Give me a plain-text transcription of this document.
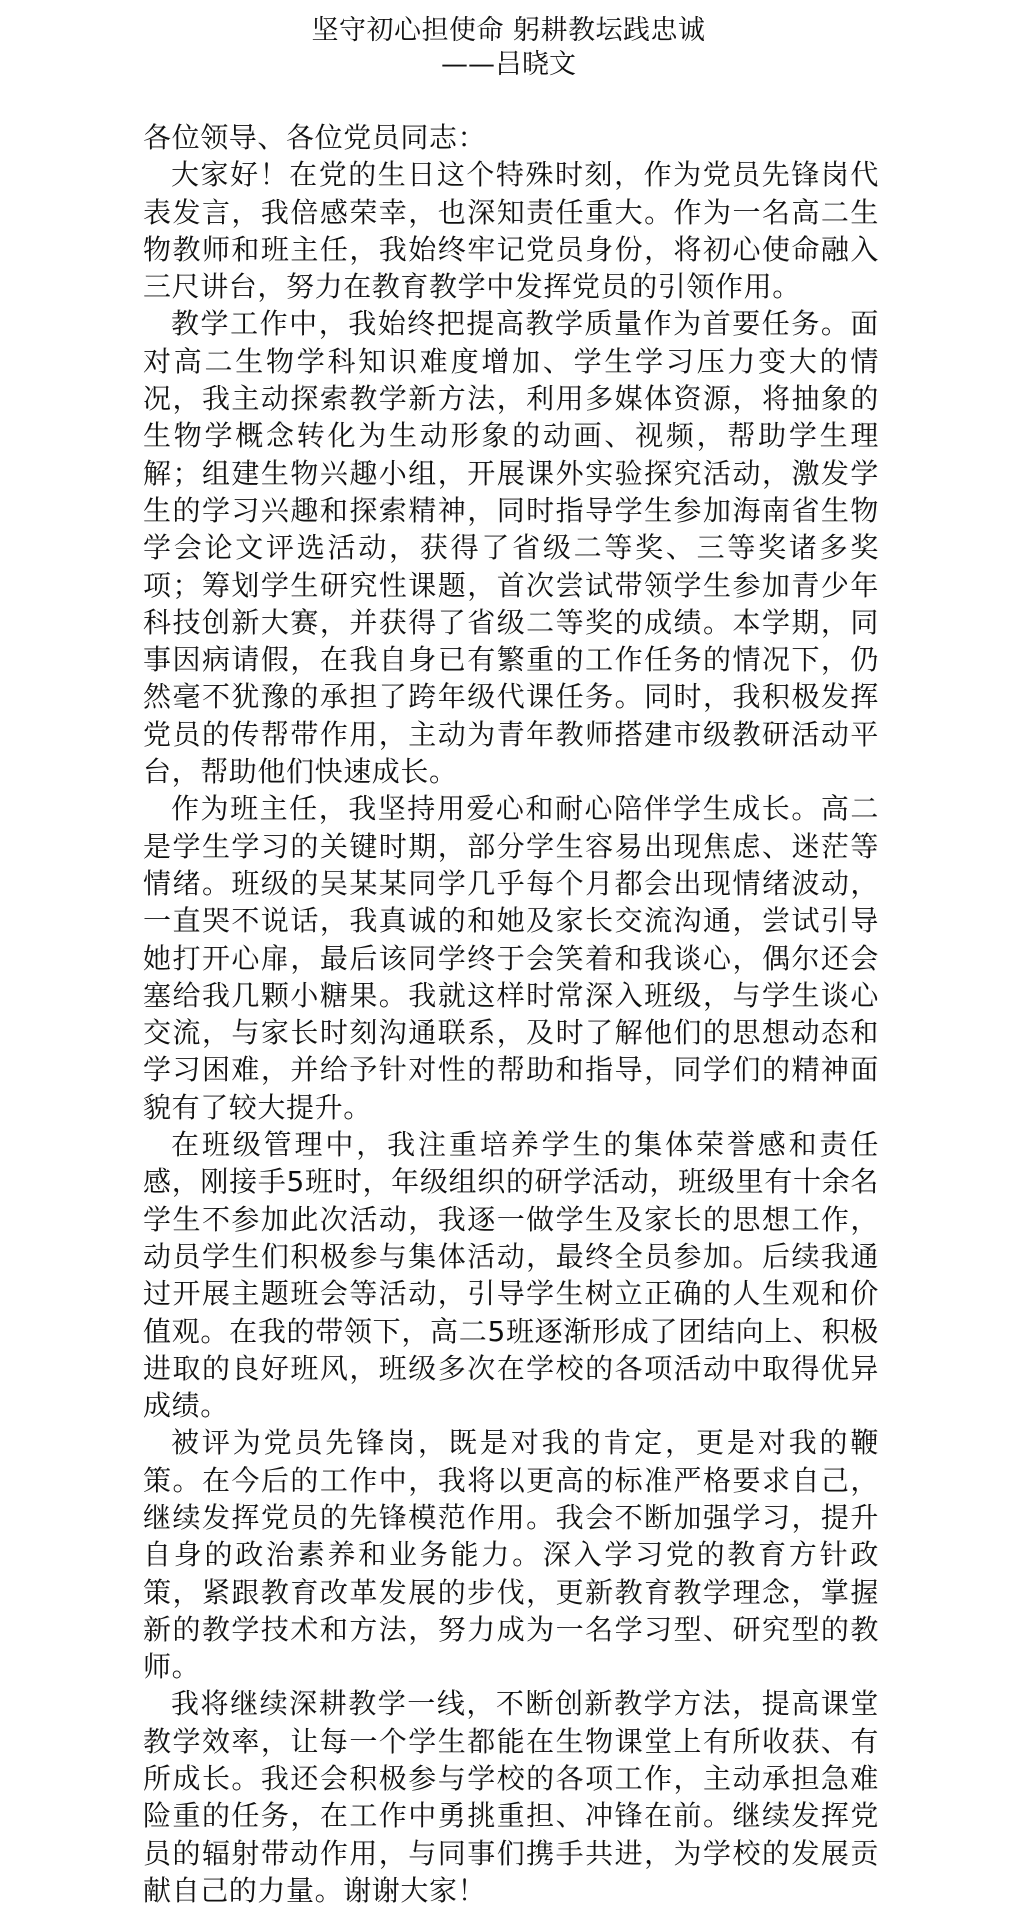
坚守初心担使命 躬耕教坛践忠诚

——吕晓文

各位领导、各位党员同志：

大家好！在党的生日这个特殊时刻，作为党员先锋岗代表发言，我倍感荣幸，也深知责任重大。作为一名高二生物教师和班主任，我始终牢记党员身份，将初心使命融入三尺讲台，努力在教育教学中发挥党员的引领作用。

教学工作中，我始终把提高教学质量作为首要任务。面对高二生物学科知识难度增加、学生学习压力变大的情况，我主动探索教学新方法，利用多媒体资源，将抽象的生物学概念转化为生动形象的动画、视频，帮助学生理解；组建生物兴趣小组，开展课外实验探究活动，激发学生的学习兴趣和探索精神，同时指导学生参加海南省生物学会论文评选活动，获得了省级二等奖、三等奖诸多奖项；筹划学生研究性课题，首次尝试带领学生参加青少年科技创新大赛，并获得了省级二等奖的成绩。本学期，同事因病请假，在我自身已有繁重的工作任务的情况下，仍然毫不犹豫的承担了跨年级代课任务。同时，我积极发挥党员的传帮带作用，主动为青年教师搭建市级教研活动平台，帮助他们快速成长。

作为班主任，我坚持用爱心和耐心陪伴学生成长。高二是学生学习的关键时期，部分学生容易出现焦虑、迷茫等情绪。班级的吴某某同学几乎每个月都会出现情绪波动，一直哭不说话，我真诚的和她及家长交流沟通，尝试引导她打开心扉，最后该同学终于会笑着和我谈心，偶尔还会塞给我几颗小糖果。我就这样时常深入班级，与学生谈心交流，与家长时刻沟通联系，及时了解他们的思想动态和学习困难，并给予针对性的帮助和指导，同学们的精神面貌有了较大提升。

在班级管理中，我注重培养学生的集体荣誉感和责任感，刚接手5班时，年级组织的研学活动，班级里有十余名学生不参加此次活动，我逐一做学生及家长的思想工作，动员学生们积极参与集体活动，最终全员参加。后续我通过开展主题班会等活动，引导学生树立正确的人生观和价值观。在我的带领下，高二5班逐渐形成了团结向上、积极进取的良好班风，班级多次在学校的各项活动中取得优异成绩。

被评为党员先锋岗，既是对我的肯定，更是对我的鞭策。在今后的工作中，我将以更高的标准严格要求自己，继续发挥党员的先锋模范作用。我会不断加强学习，提升自身的政治素养和业务能力。深入学习党的教育方针政策，紧跟教育改革发展的步伐，更新教育教学理念，掌握新的教学技术和方法，努力成为一名学习型、研究型的教师。

我将继续深耕教学一线，不断创新教学方法，提高课堂教学效率，让每一个学生都能在生物课堂上有所收获、有所成长。我还会积极参与学校的各项工作，主动承担急难险重的任务，在工作中勇挑重担、冲锋在前。继续发挥党员的辐射带动作用，与同事们携手共进，为学校的发展贡献自己的力量。谢谢大家！
